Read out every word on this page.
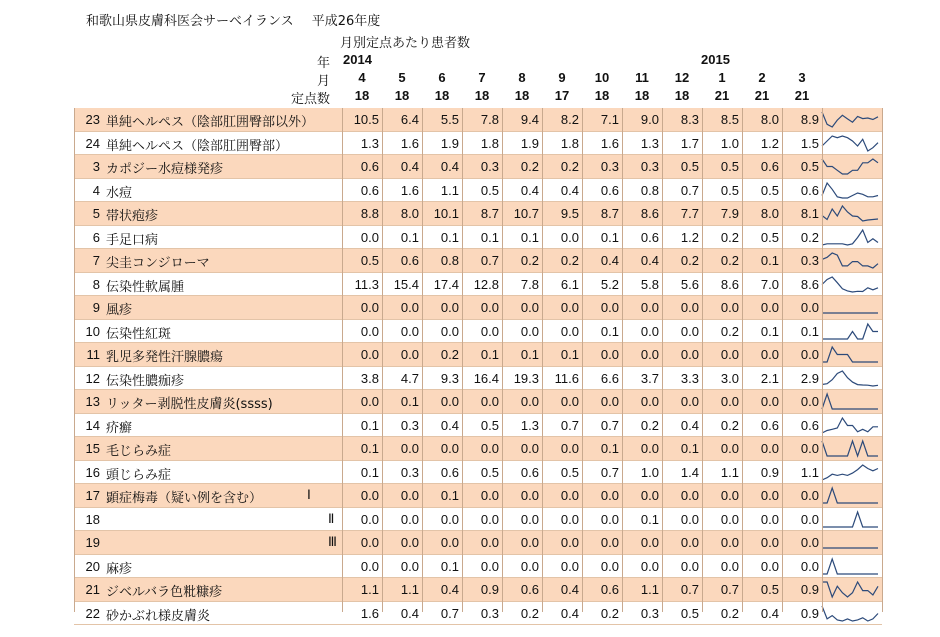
和歌山県皮膚科医会サーベイランス 平成26年度
月別定点あたり患者数
年
月
定点数
2014	2015
4	5	6	7	8	9	10	11	12	1	2	3
18	18	18	18	18	17	18	18	18	21	21	21
23 単純ヘルペス（陰部肛囲臀部以外）	10.5	6.4	5.5	7.8	9.4	8.2	7.1	9.0	8.3	8.5	8.0	8.9
24 単純ヘルペス（陰部肛囲臀部）	1.3	1.6	1.9	1.8	1.9	1.8	1.6	1.3	1.7	1.0	1.2	1.5
3 カポジー水痘様発疹	0.6	0.4	0.4	0.3	0.2	0.2	0.3	0.3	0.5	0.5	0.6	0.5
4 水痘	0.6	1.6	1.1	0.5	0.4	0.4	0.6	0.8	0.7	0.5	0.5	0.6
5 帯状疱疹	8.8	8.0	10.1	8.7	10.7	9.5	8.7	8.6	7.7	7.9	8.0	8.1
6 手足口病	0.0	0.1	0.1	0.1	0.1	0.0	0.1	0.6	1.2	0.2	0.5	0.2
7 尖圭コンジローマ	0.5	0.6	0.8	0.7	0.2	0.2	0.4	0.4	0.2	0.2	0.1	0.3
8 伝染性軟属腫	11.3	15.4	17.4	12.8	7.8	6.1	5.2	5.8	5.6	8.6	7.0	8.6
9 風疹	0.0	0.0	0.0	0.0	0.0	0.0	0.0	0.0	0.0	0.0	0.0	0.0
10 伝染性紅斑	0.0	0.0	0.0	0.0	0.0	0.0	0.1	0.0	0.0	0.2	0.1	0.1
11 乳児多発性汗腺膿瘍	0.0	0.0	0.2	0.1	0.1	0.1	0.0	0.0	0.0	0.0	0.0	0.0
12 伝染性膿痂疹	3.8	4.7	9.3	16.4	19.3	11.6	6.6	3.7	3.3	3.0	2.1	2.9
13 リッター剥脱性皮膚炎(ssss)	0.0	0.1	0.0	0.0	0.0	0.0	0.0	0.0	0.0	0.0	0.0	0.0
14 疥癬	0.1	0.3	0.4	0.5	1.3	0.7	0.7	0.2	0.4	0.2	0.6	0.6
15 毛じらみ症	0.1	0.0	0.0	0.0	0.0	0.0	0.1	0.0	0.1	0.0	0.0	0.0
16 頭じらみ症	0.1	0.3	0.6	0.5	0.6	0.5	0.7	1.0	1.4	1.1	0.9	1.1
17 顕症梅毒（疑い例を含む）	Ⅰ	0.0	0.0	0.1	0.0	0.0	0.0	0.0	0.0	0.0	0.0	0.0	0.0
18	Ⅱ	0.0	0.0	0.0	0.0	0.0	0.0	0.0	0.1	0.0	0.0	0.0	0.0
19	Ⅲ	0.0	0.0	0.0	0.0	0.0	0.0	0.0	0.0	0.0	0.0	0.0	0.0
20 麻疹	0.0	0.0	0.1	0.0	0.0	0.0	0.0	0.0	0.0	0.0	0.0	0.0
21 ジベルバラ色粃糠疹	1.1	1.1	0.4	0.9	0.6	0.4	0.6	1.1	0.7	0.7	0.5	0.9
22 砂かぶれ様皮膚炎	1.6	0.4	0.7	0.3	0.2	0.4	0.2	0.3	0.5	0.2	0.4	0.9
